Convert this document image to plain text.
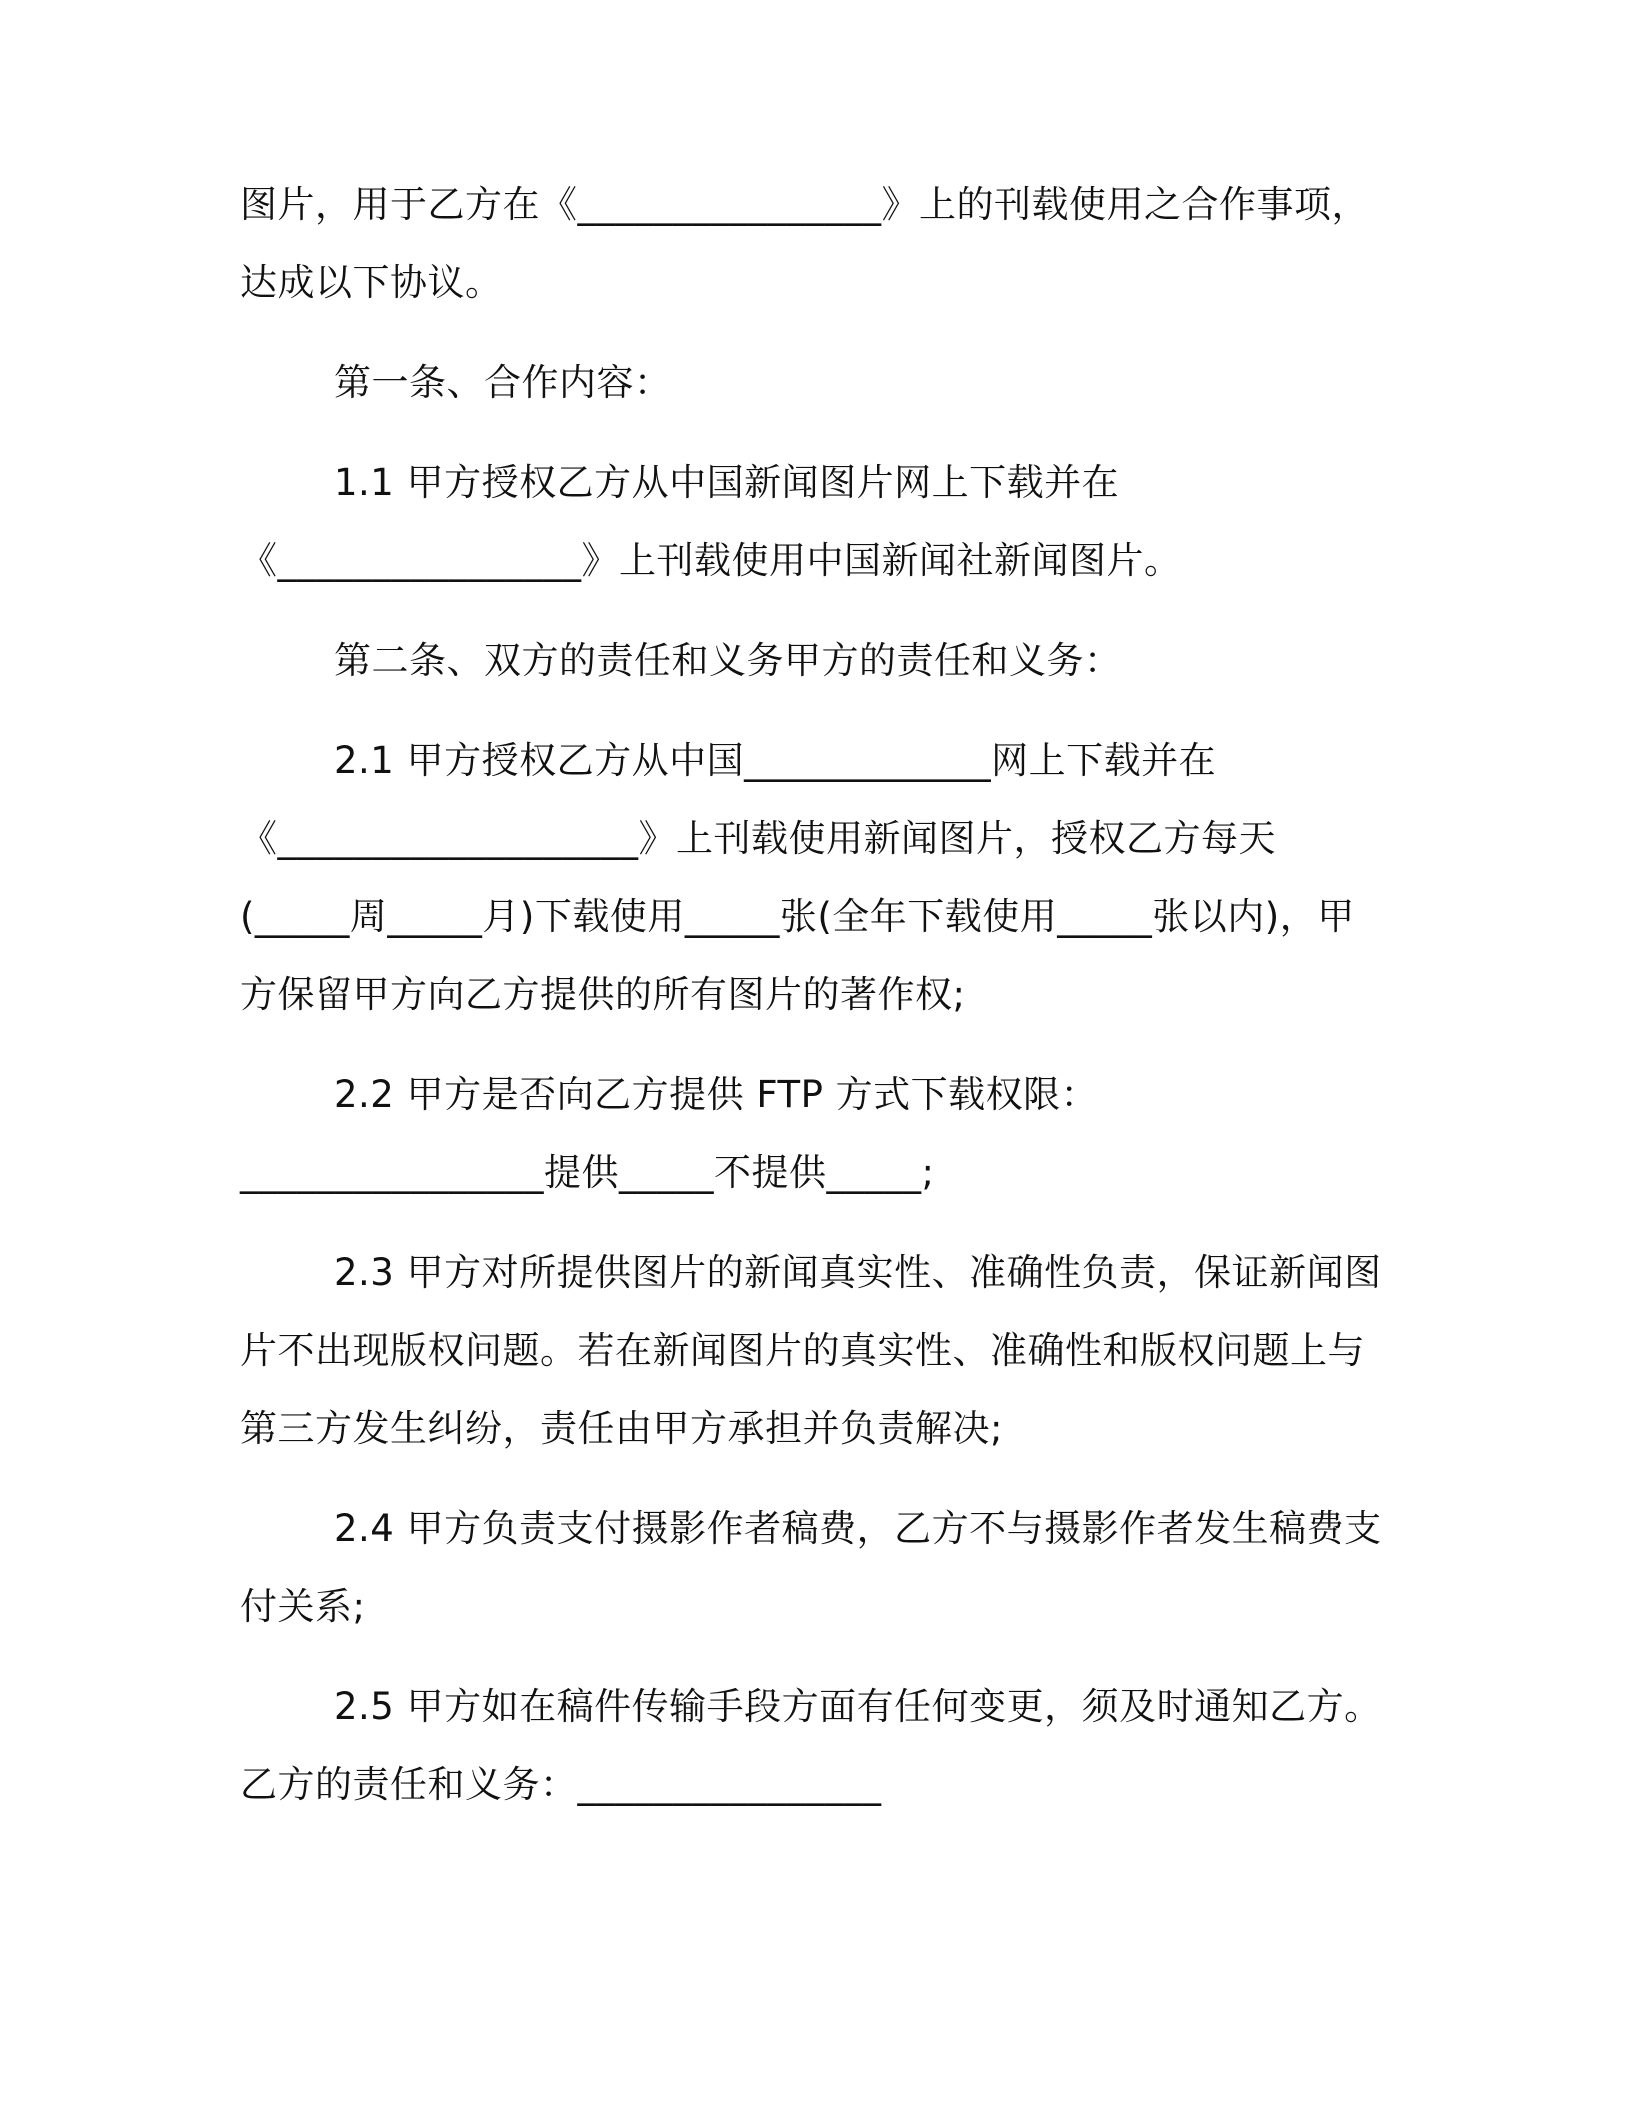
图片，用于乙方在《________________》上的刊载使用之合作事项，
达成以下协议。
第一条、合作内容：
1.1 甲方授权乙方从中国新闻图片网上下载并在
《________________》上刊载使用中国新闻社新闻图片。
第二条、双方的责任和义务甲方的责任和义务：
2.1 甲方授权乙方从中国_____________网上下载并在
《___________________》上刊载使用新闻图片，授权乙方每天
(_____周_____月)下载使用_____张(全年下载使用_____张以内)，甲
方保留甲方向乙方提供的所有图片的著作权;
2.2 甲方是否向乙方提供 FTP 方式下载权限：
________________提供_____不提供_____;
2.3 甲方对所提供图片的新闻真实性、准确性负责，保证新闻图
片不出现版权问题。若在新闻图片的真实性、准确性和版权问题上与
第三方发生纠纷，责任由甲方承担并负责解决;
2.4 甲方负责支付摄影作者稿费，乙方不与摄影作者发生稿费支
付关系;
2.5 甲方如在稿件传输手段方面有任何变更，须及时通知乙方。
乙方的责任和义务：________________
